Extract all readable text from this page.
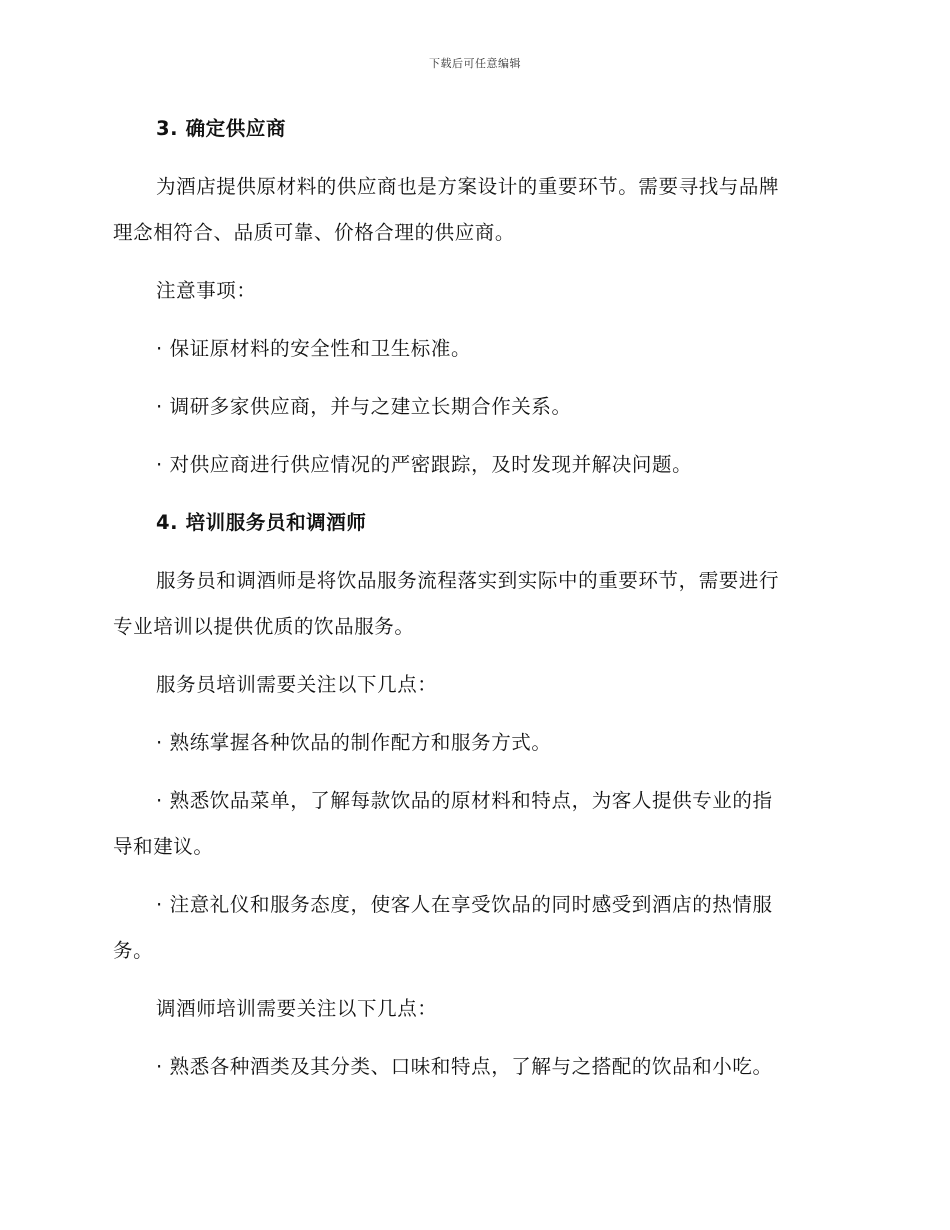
下载后可任意编辑

3. 确定供应商

为酒店提供原材料的供应商也是方案设计的重要环节。需要寻找与品牌

理念相符合、品质可靠、价格合理的供应商。

注意事项：

· 保证原材料的安全性和卫生标准。

· 调研多家供应商，并与之建立长期合作关系。

· 对供应商进行供应情况的严密跟踪，及时发现并解决问题。

4. 培训服务员和调酒师

服务员和调酒师是将饮品服务流程落实到实际中的重要环节，需要进行

专业培训以提供优质的饮品服务。

服务员培训需要关注以下几点：

· 熟练掌握各种饮品的制作配方和服务方式。

· 熟悉饮品菜单，了解每款饮品的原材料和特点，为客人提供专业的指

导和建议。

· 注意礼仪和服务态度，使客人在享受饮品的同时感受到酒店的热情服

务。

调酒师培训需要关注以下几点：

· 熟悉各种酒类及其分类、口味和特点，了解与之搭配的饮品和小吃。
